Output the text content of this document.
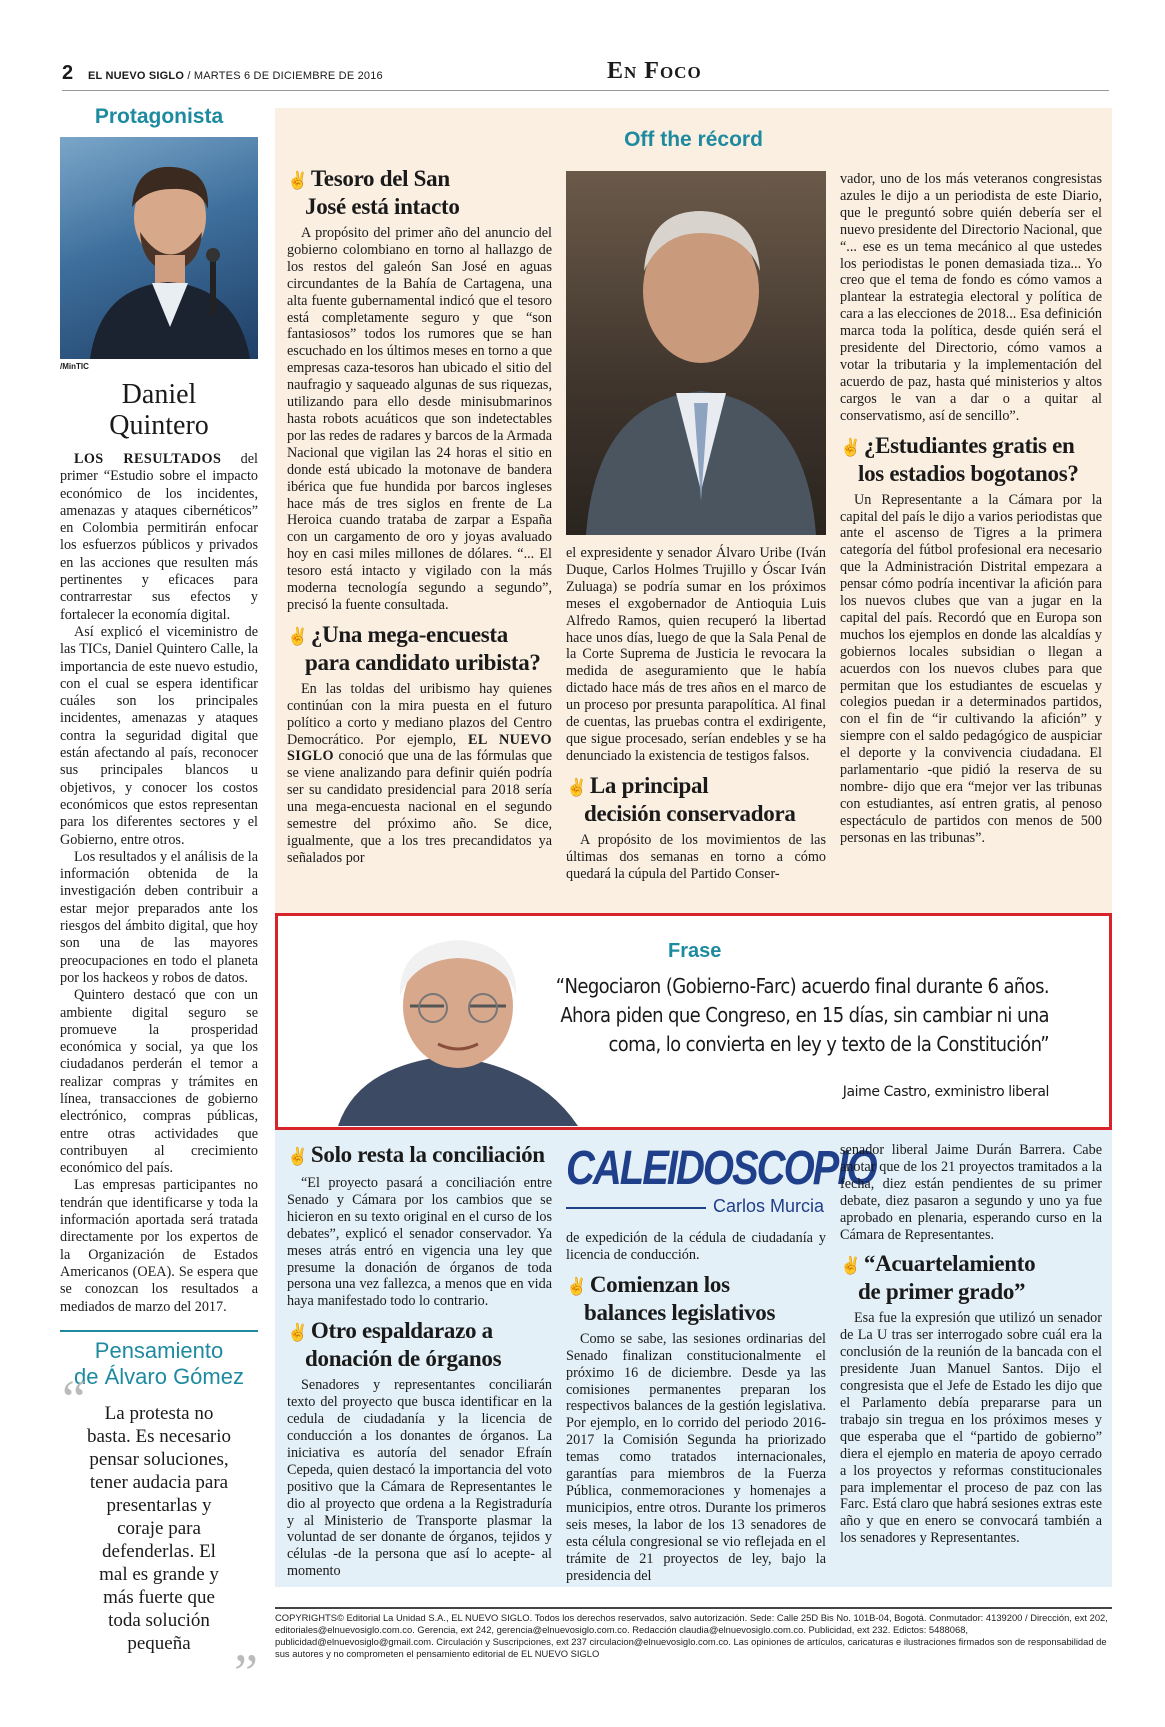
2 EL NUEVO SIGLO / MARTES 6 DE DICIEMBRE DE 2016	En Foco
Protagonista
/MinTIC
Daniel
Quintero

LOS RESULTADOS del primer “Estudio sobre el impacto económico de los incidentes, amenazas y ataques cibernéticos” en Colombia permitirán enfocar los esfuerzos públicos y privados en las acciones que resulten más pertinentes y eficaces para contrarrestar sus efectos y fortalecer la economía digital.

Así explicó el viceministro de las TICs, Daniel Quintero Calle, la importancia de este nuevo estudio, con el cual se espera identificar cuáles son los principales incidentes, amenazas y ataques contra la seguridad digital que están afectando al país, reconocer sus principales blancos u objetivos, y conocer los costos económicos que estos representan para los diferentes sectores y el Gobierno, entre otros.

Los resultados y el análisis de la información obtenida de la investigación deben contribuir a estar mejor preparados ante los riesgos del ámbito digital, que hoy son una de las mayores preocupaciones en todo el planeta por los hackeos y robos de datos.

Quintero destacó que con un ambiente digital seguro se promueve la prosperidad económica y social, ya que los ciudadanos perderán el temor a realizar compras y trámites en línea, transacciones de gobierno electrónico, compras públicas, entre otras actividades que contribuyen al crecimiento económico del país.

Las empresas participantes no tendrán que identificarse y toda la información aportada será tratada directamente por los expertos de la Organización de Estados Americanos (OEA). Se espera que se conozcan los resultados a mediados de marzo del 2017.

Pensamiento
de Álvaro Gómez
“ La protesta no basta. Es necesario pensar soluciones, tener audacia para presentarlas y coraje para defenderlas. El mal es grande y más fuerte que toda solución pequeña ”
Off the récord
✌ Tesoro del San
José está intacto

A propósito del primer año del anuncio del gobierno colombiano en torno al hallazgo de los restos del galeón San José en aguas circundantes de la Bahía de Cartagena, una alta fuente gubernamental indicó que el tesoro está completamente seguro y que “son fantasiosos” todos los rumores que se han escuchado en los últimos meses en torno a que empresas caza-tesoros han ubicado el sitio del naufragio y saqueado algunas de sus riquezas, utilizando para ello desde minisubmarinos hasta robots acuáticos que son indetectables por las redes de radares y barcos de la Armada Nacional que vigilan las 24 horas el sitio en donde está ubicado la motonave de bandera ibérica que fue hundida por barcos ingleses hace más de tres siglos en frente de La Heroica cuando trataba de zarpar a España con un cargamento de oro y joyas avaluado hoy en casi miles millones de dólares. “... El tesoro está intacto y vigilado con la más moderna tecnología segundo a segundo”, precisó la fuente consultada.

✌ ¿Una mega-encuesta
para candidato uribista?

En las toldas del uribismo hay quienes continúan con la mira puesta en el futuro político a corto y mediano plazos del Centro Democrático. Por ejemplo, EL NUEVO SIGLO conoció que una de las fórmulas que se viene analizando para definir quién podría ser su candidato presidencial para 2018 sería una mega-encuesta nacional en el segundo semestre del próximo año. Se dice, igualmente, que a los tres precandidatos ya señalados por

el expresidente y senador Álvaro Uribe (Iván Duque, Carlos Holmes Trujillo y Óscar Iván Zuluaga) se podría sumar en los próximos meses el exgobernador de Antioquia Luis Alfredo Ramos, quien recuperó la libertad hace unos días, luego de que la Sala Penal de la Corte Suprema de Justicia le revocara la medida de aseguramiento que le había dictado hace más de tres años en el marco de un proceso por presunta parapolítica. Al final de cuentas, las pruebas contra el exdirigente, que sigue procesado, serían endebles y se ha denunciado la existencia de testigos falsos.

✌ La principal
decisión conservadora

A propósito de los movimientos de las últimas dos semanas en torno a cómo quedará la cúpula del Partido Conser-

vador, uno de los más veteranos congresistas azules le dijo a un periodista de este Diario, que le preguntó sobre quién debería ser el nuevo presidente del Directorio Nacional, que “... ese es un tema mecánico al que ustedes los periodistas le ponen demasiada tiza... Yo creo que el tema de fondo es cómo vamos a plantear la estrategia electoral y política de cara a las elecciones de 2018... Esa definición marca toda la política, desde quién será el presidente del Directorio, cómo vamos a votar la tributaria y la implementación del acuerdo de paz, hasta qué ministerios y altos cargos le van a dar o a quitar al conservatismo, así de sencillo”.

✌ ¿Estudiantes gratis en
los estadios bogotanos?

Un Representante a la Cámara por la capital del país le dijo a varios periodistas que ante el ascenso de Tigres a la primera categoría del fútbol profesional era necesario que la Administración Distrital empezara a pensar cómo podría incentivar la afición para los nuevos clubes que van a jugar en la capital del país. Recordó que en Europa son muchos los ejemplos en donde las alcaldías y gobiernos locales subsidian o llegan a acuerdos con los nuevos clubes para que permitan que los estudiantes de escuelas y colegios puedan ir a determinados partidos, con el fin de “ir cultivando la afición” y siempre con el saldo pedagógico de auspiciar el deporte y la convivencia ciudadana. El parlamentario -que pidió la reserva de su nombre- dijo que era “mejor ver las tribunas con estudiantes, así entren gratis, al penoso espectáculo de partidos con menos de 500 personas en las tribunas”.

Frase
“Negociaron (Gobierno-Farc) acuerdo final durante 6 años.
Ahora piden que Congreso, en 15 días, sin cambiar ni una
coma, lo convierta en ley y texto de la Constitución”
Jaime Castro, exministro liberal
✌ Solo resta la conciliación

“El proyecto pasará a conciliación entre Senado y Cámara por los cambios que se hicieron en su texto original en el curso de los debates”, explicó el senador conservador. Ya meses atrás entró en vigencia una ley que presume la donación de órganos de toda persona una vez fallezca, a menos que en vida haya manifestado todo lo contrario.

✌ Otro espaldarazo a
donación de órganos

Senadores y representantes conciliarán texto del proyecto que busca identificar en la cedula de ciudadanía y la licencia de conducción a los donantes de órganos. La iniciativa es autoría del senador Efraín Cepeda, quien destacó la importancia del voto positivo que la Cámara de Representantes le dio al proyecto que ordena a la Registraduría y al Ministerio de Transporte plasmar la voluntad de ser donante de órganos, tejidos y células -de la persona que así lo acepte- al momento

CALEIDOSCOPIO
Carlos Murcia

de expedición de la cédula de ciudadanía y licencia de conducción.

✌ Comienzan los
balances legislativos

Como se sabe, las sesiones ordinarias del Senado finalizan constitucionalmente el próximo 16 de diciembre. Desde ya las comisiones permanentes preparan los respectivos balances de la gestión legislativa. Por ejemplo, en lo corrido del periodo 2016-2017 la Comisión Segunda ha priorizado temas como tratados internacionales, garantías para miembros de la Fuerza Pública, conmemoraciones y homenajes a municipios, entre otros. Durante los primeros seis meses, la labor de los 13 senadores de esta célula congresional se vio reflejada en el trámite de 21 proyectos de ley, bajo la presidencia del

senador liberal Jaime Durán Barrera. Cabe anotar que de los 21 proyectos tramitados a la fecha, diez están pendientes de su primer debate, diez pasaron a segundo y uno ya fue aprobado en plenaria, esperando curso en la Cámara de Representantes.

✌ “Acuartelamiento
de primer grado”

Esa fue la expresión que utilizó un senador de La U tras ser interrogado sobre cuál era la conclusión de la reunión de la bancada con el presidente Juan Manuel Santos. Dijo el congresista que el Jefe de Estado les dijo que el Parlamento debía prepararse para un trabajo sin tregua en los próximos meses y que esperaba que el “partido de gobierno” diera el ejemplo en materia de apoyo cerrado a los proyectos y reformas constitucionales para implementar el proceso de paz con las Farc. Está claro que habrá sesiones extras este año y que en enero se convocará también a los senadores y Representantes.

COPYRIGHTS© Editorial La Unidad S.A., EL NUEVO SIGLO. Todos los derechos reservados, salvo autorización. Sede: Calle 25D Bis No. 101B-04, Bogotá. Conmutador: 4139200 / Dirección, ext 202, editoriales@elnuevosiglo.com.co. Gerencia, ext 242, gerencia@elnuevosiglo.com.co. Redacción claudia@elnuevosiglo.com.co. Publicidad, ext 232. Edictos: 5488068, publicidad@elnuevosiglo@gmail.com. Circulación y Suscripciones, ext 237 circulacion@elnuevosiglo.com.co. Las opiniones de artículos, caricaturas e ilustraciones firmados son de responsabilidad de sus autores y no comprometen el pensamiento editorial de EL NUEVO SIGLO
